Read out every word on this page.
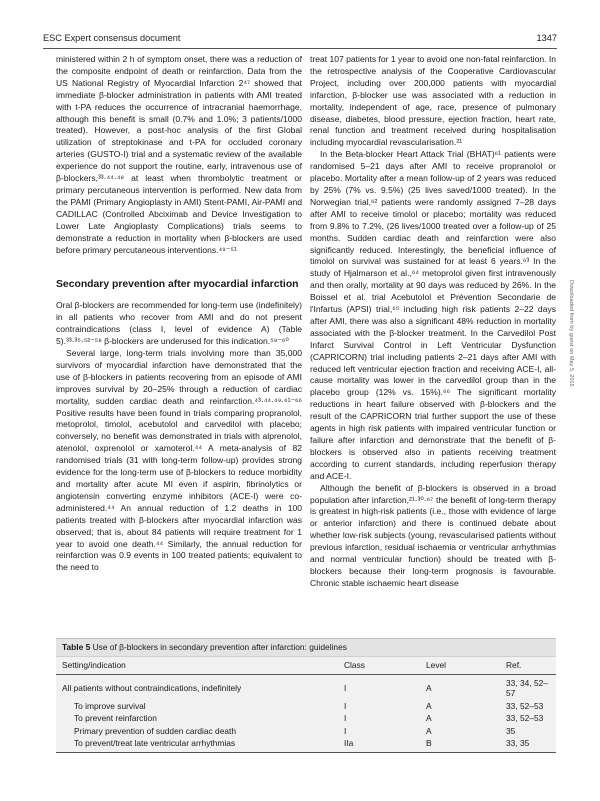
ESC Expert consensus document	1347

ministered within 2 h of symptom onset, there was a reduction of the composite endpoint of death or reinfarction. Data from the US National Registry of Myocardial Infarction 2⁴⁷ showed that immediate β-blocker administration in patients with AMI treated with t-PA reduces the occurrence of intracranial haemorrhage, although this benefit is small (0.7% and 1.0%; 3 patients/1000 treated). However, a post-hoc analysis of the first Global utilization of streptokinase and t-PA for occluded coronary arteries (GUSTO-I) trial and a systematic review of the available experience do not support the routine, early, intravenous use of β-blockers,³³·⁴⁴·⁴⁸ at least when thrombolytic treatment or primary percutaneous intervention is performed. New data from the PAMI (Primary Angioplasty in AMI) Stent-PAMI, Air-PAMI and CADILLAC (Controlled Abciximab and Device Investigation to Lower Late Angioplasty Complications) trials seems to demonstrate a reduction in mortality when β-blockers are used before primary percutaneous interventions.⁴⁹⁻⁵¹

Secondary prevention after myocardial infarction

Oral β-blockers are recommended for long-term use (indefinitely) in all patients who recover from AMI and do not present contraindications (class I, level of evidence A) (Table 5).³³·³⁵·⁵²⁻⁵⁸ β-blockers are underused for this indication.⁵⁹⁻⁶⁰

Several large, long-term trials involving more than 35,000 survivors of myocardial infarction have demonstrated that the use of β-blockers in patients recovering from an episode of AMI improves survival by 20–25% through a reduction of cardiac mortality, sudden cardiac death and reinfarction.⁴³·⁴⁴·⁴⁹·⁶¹⁻⁶⁶ Positive results have been found in trials comparing propranolol, metoprolol, timolol, acebutolol and carvedilol with placebo; conversely, no benefit was demonstrated in trials with alprenolol, atenolol, oxprenolol or xamoterol.⁴⁴ A meta-analysis of 82 randomised trials (31 with long-term follow-up) provides strong evidence for the long-term use of β-blockers to reduce morbidity and mortality after acute MI even if aspirin, fibrinolytics or angiotensin converting enzyme inhibitors (ACE-I) were co-administered.⁴⁴ An annual reduction of 1.2 deaths in 100 patients treated with β-blockers after myocardial infarction was observed; that is, about 84 patients will require treatment for 1 year to avoid one death.⁴⁴ Similarly, the annual reduction for reinfarction was 0.9 events in 100 treated patients; equivalent to the need to

treat 107 patients for 1 year to avoid one non-fatal reinfarction. In the retrospective analysis of the Cooperative Cardiovascular Project, including over 200,000 patients with myocardial infarction, β-blocker use was associated with a reduction in mortality, independent of age, race, presence of pulmonary disease, diabetes, blood pressure, ejection fraction, heart rate, renal function and treatment received during hospitalisation including myocardial revascularisation.²¹

In the Beta-blocker Heart Attack Trial (BHAT)⁶¹ patients were randomised 5–21 days after AMI to receive propranolol or placebo. Mortality after a mean follow-up of 2 years was reduced by 25% (7% vs. 9.5%) (25 lives saved/1000 treated). In the Norwegian trial,⁶² patients were randomly assigned 7–28 days after AMI to receive timolol or placebo; mortality was reduced from 9.8% to 7.2%, (26 lives/1000 treated over a follow-up of 25 months. Sudden cardiac death and reinfarction were also significantly reduced. Interestingly, the beneficial influence of timolol on survival was sustained for at least 6 years.⁶³ In the study of Hjalmarson et al.,⁶⁴ metoprolol given first intravenously and then orally, mortality at 90 days was reduced by 26%. In the Boissel et al. trial Acebutolol et Prévention Secondarie de l'Infartus (APSI) trial,⁶⁵ including high risk patients 2–22 days after AMI, there was also a significant 48% reduction in mortality associated with the β-blocker treatment. In the Carvedilol Post Infarct Survival Control in Left Ventricular Dysfunction (CAPRICORN) trial including patients 2–21 days after AMI with reduced left ventricular ejection fraction and receiving ACE-I, all-cause mortality was lower in the carvedilol group than in the placebo group (12% vs. 15%).⁶⁶ The significant mortality reductions in heart failure observed with β-blockers and the result of the CAPRICORN trial further support the use of these agents in high risk patients with impaired ventricular function or failure after infarction and demonstrate that the benefit of β-blockers is observed also in patients receiving treatment according to current standards, including reperfusion therapy and ACE-I.

Although the benefit of β-blockers is observed in a broad population after infarction,²¹·³⁰·⁶⁷ the benefit of long-term therapy is greatest in high-risk patients (i.e., those with evidence of large or anterior infarction) and there is continued debate about whether low-risk subjects (young, revascularised patients without previous infarction, residual ischaemia or ventricular arrhythmias and normal ventricular function) should be treated with β-blockers because their long-term prognosis is favourable. Chronic stable ischaemic heart disease

Downloaded from by guest on May 5, 2015
Table 5 Use of β-blockers in secondary prevention after infarction: guidelines
Setting/indication	Class	Level	Ref.
All patients without contraindications, indefinitely	I	A	33, 34, 52–57
To improve survival	I	A	33, 52–53
To prevent reinfarction	I	A	33, 52–53
Primary prevention of sudden cardiac death	I	A	35
To prevent/treat late ventricular arrhythmias	IIa	B	33, 35
